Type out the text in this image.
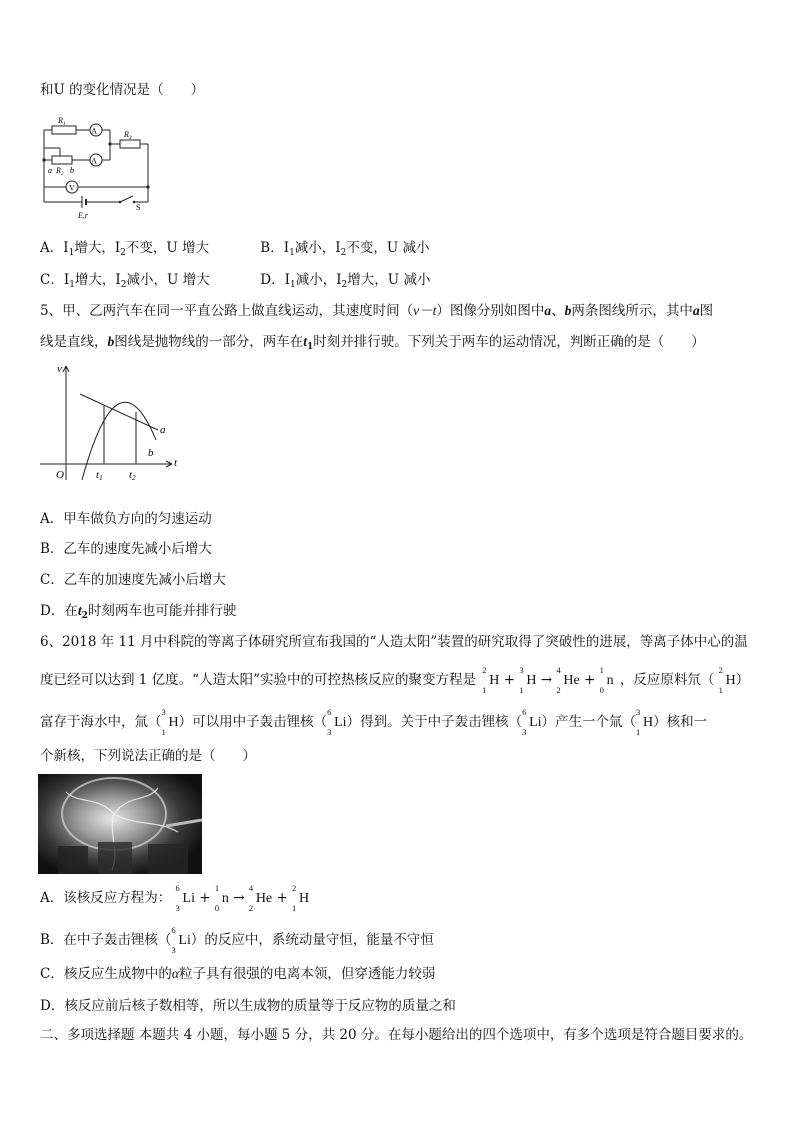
和U 的变化情况是（　　）
A
A
V
$R_1$
$R_3$
a $R_2$ b
E,r
S
A．$I_1$增大，$I_2$不变，U 增大	B．$I_1$减小，$I_2$不变，U 减小
C．$I_1$增大，$I_2$减小，U 增大	D．$I_1$减小，$I_2$增大，U 减小
5、甲、乙两汽车在同一平直公路上做直线运动，其速度时间（v－t）图像分别如图中a、b两条图线所示，其中a图
线是直线，b图线是抛物线的一部分，两车在$t_1$时刻并排行驶。下列关于两车的运动情况，判断正确的是（　　）
v
t
O
a
b
t1 t2
A．甲车做负方向的匀速运动
B．乙车的速度先减小后增大
C．乙车的加速度先减小后增大
D．在$t_2$时刻两车也可能并排行驶
6、2018 年 11 月中科院的等离子体研究所宣布我国的“人造太阳”装置的研究取得了突破性的进展，等离子体中心的温
度已经可以达到 1 亿度。“人造太阳”实验中的可控热核反应的聚变方程是
2
1
H +
3
1
H →
4
2
He +
1
0
n ，反应原料氘（
2
1
H）
富存于海水中，氚（
3
1
H）可以用中子轰击锂核（
6
3
Li）得到。关于中子轰击锂核（
6
3
Li）产生一个氚（
3
1
H）核和一
个新核，下列说法正确的是（　　）
A．该核反应方程为：
6
3
Li +
1
0
n →
4
2
He +
2
1
H
B．在中子轰击锂核（
6
3
Li）的反应中，系统动量守恒，能量不守恒
C．核反应生成物中的α粒子具有很强的电离本领，但穿透能力较弱
D．核反应前后核子数相等，所以生成物的质量等于反应物的质量之和
二、多项选择题 本题共 4 小题，每小题 5 分，共 20 分。在每小题给出的四个选项中，有多个选项是符合题目要求的。
